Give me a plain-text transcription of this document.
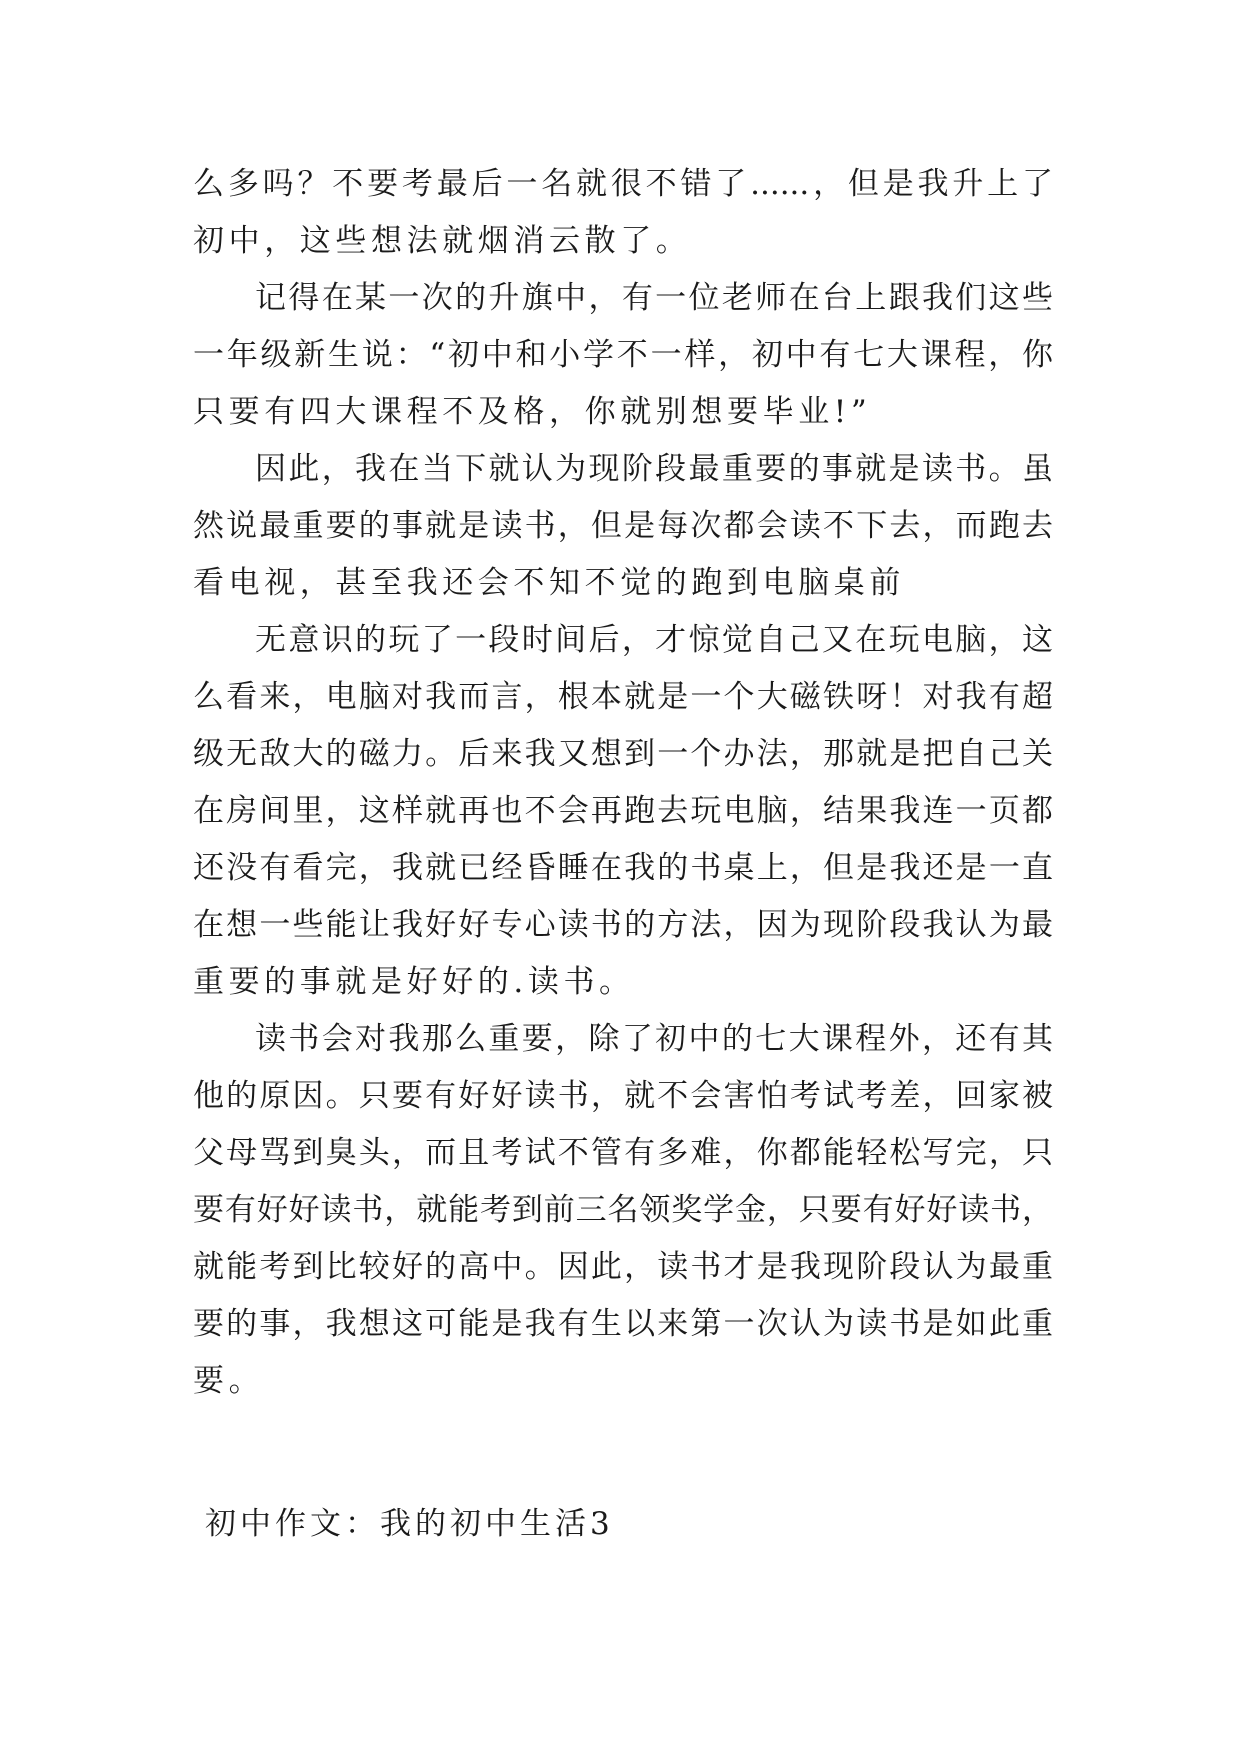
么多吗？不要考最后一名就很不错了......，但是我升上了
初中，这些想法就烟消云散了。
记得在某一次的升旗中，有一位老师在台上跟我们这些
一年级新生说：“初中和小学不一样，初中有七大课程，你
只要有四大课程不及格，你就别想要毕业!”
因此，我在当下就认为现阶段最重要的事就是读书。虽
然说最重要的事就是读书，但是每次都会读不下去，而跑去
看电视，甚至我还会不知不觉的跑到电脑桌前
无意识的玩了一段时间后，才惊觉自己又在玩电脑，这
么看来，电脑对我而言，根本就是一个大磁铁呀！对我有超
级无敌大的磁力。后来我又想到一个办法，那就是把自己关
在房间里，这样就再也不会再跑去玩电脑，结果我连一页都
还没有看完，我就已经昏睡在我的书桌上，但是我还是一直
在想一些能让我好好专心读书的方法，因为现阶段我认为最
重要的事就是好好的.读书。
读书会对我那么重要，除了初中的七大课程外，还有其
他的原因。只要有好好读书，就不会害怕考试考差，回家被
父母骂到臭头，而且考试不管有多难，你都能轻松写完，只
要有好好读书，就能考到前三名领奖学金，只要有好好读书，
就能考到比较好的高中。因此，读书才是我现阶段认为最重
要的事，我想这可能是我有生以来第一次认为读书是如此重
要。
初中作文：我的初中生活3
